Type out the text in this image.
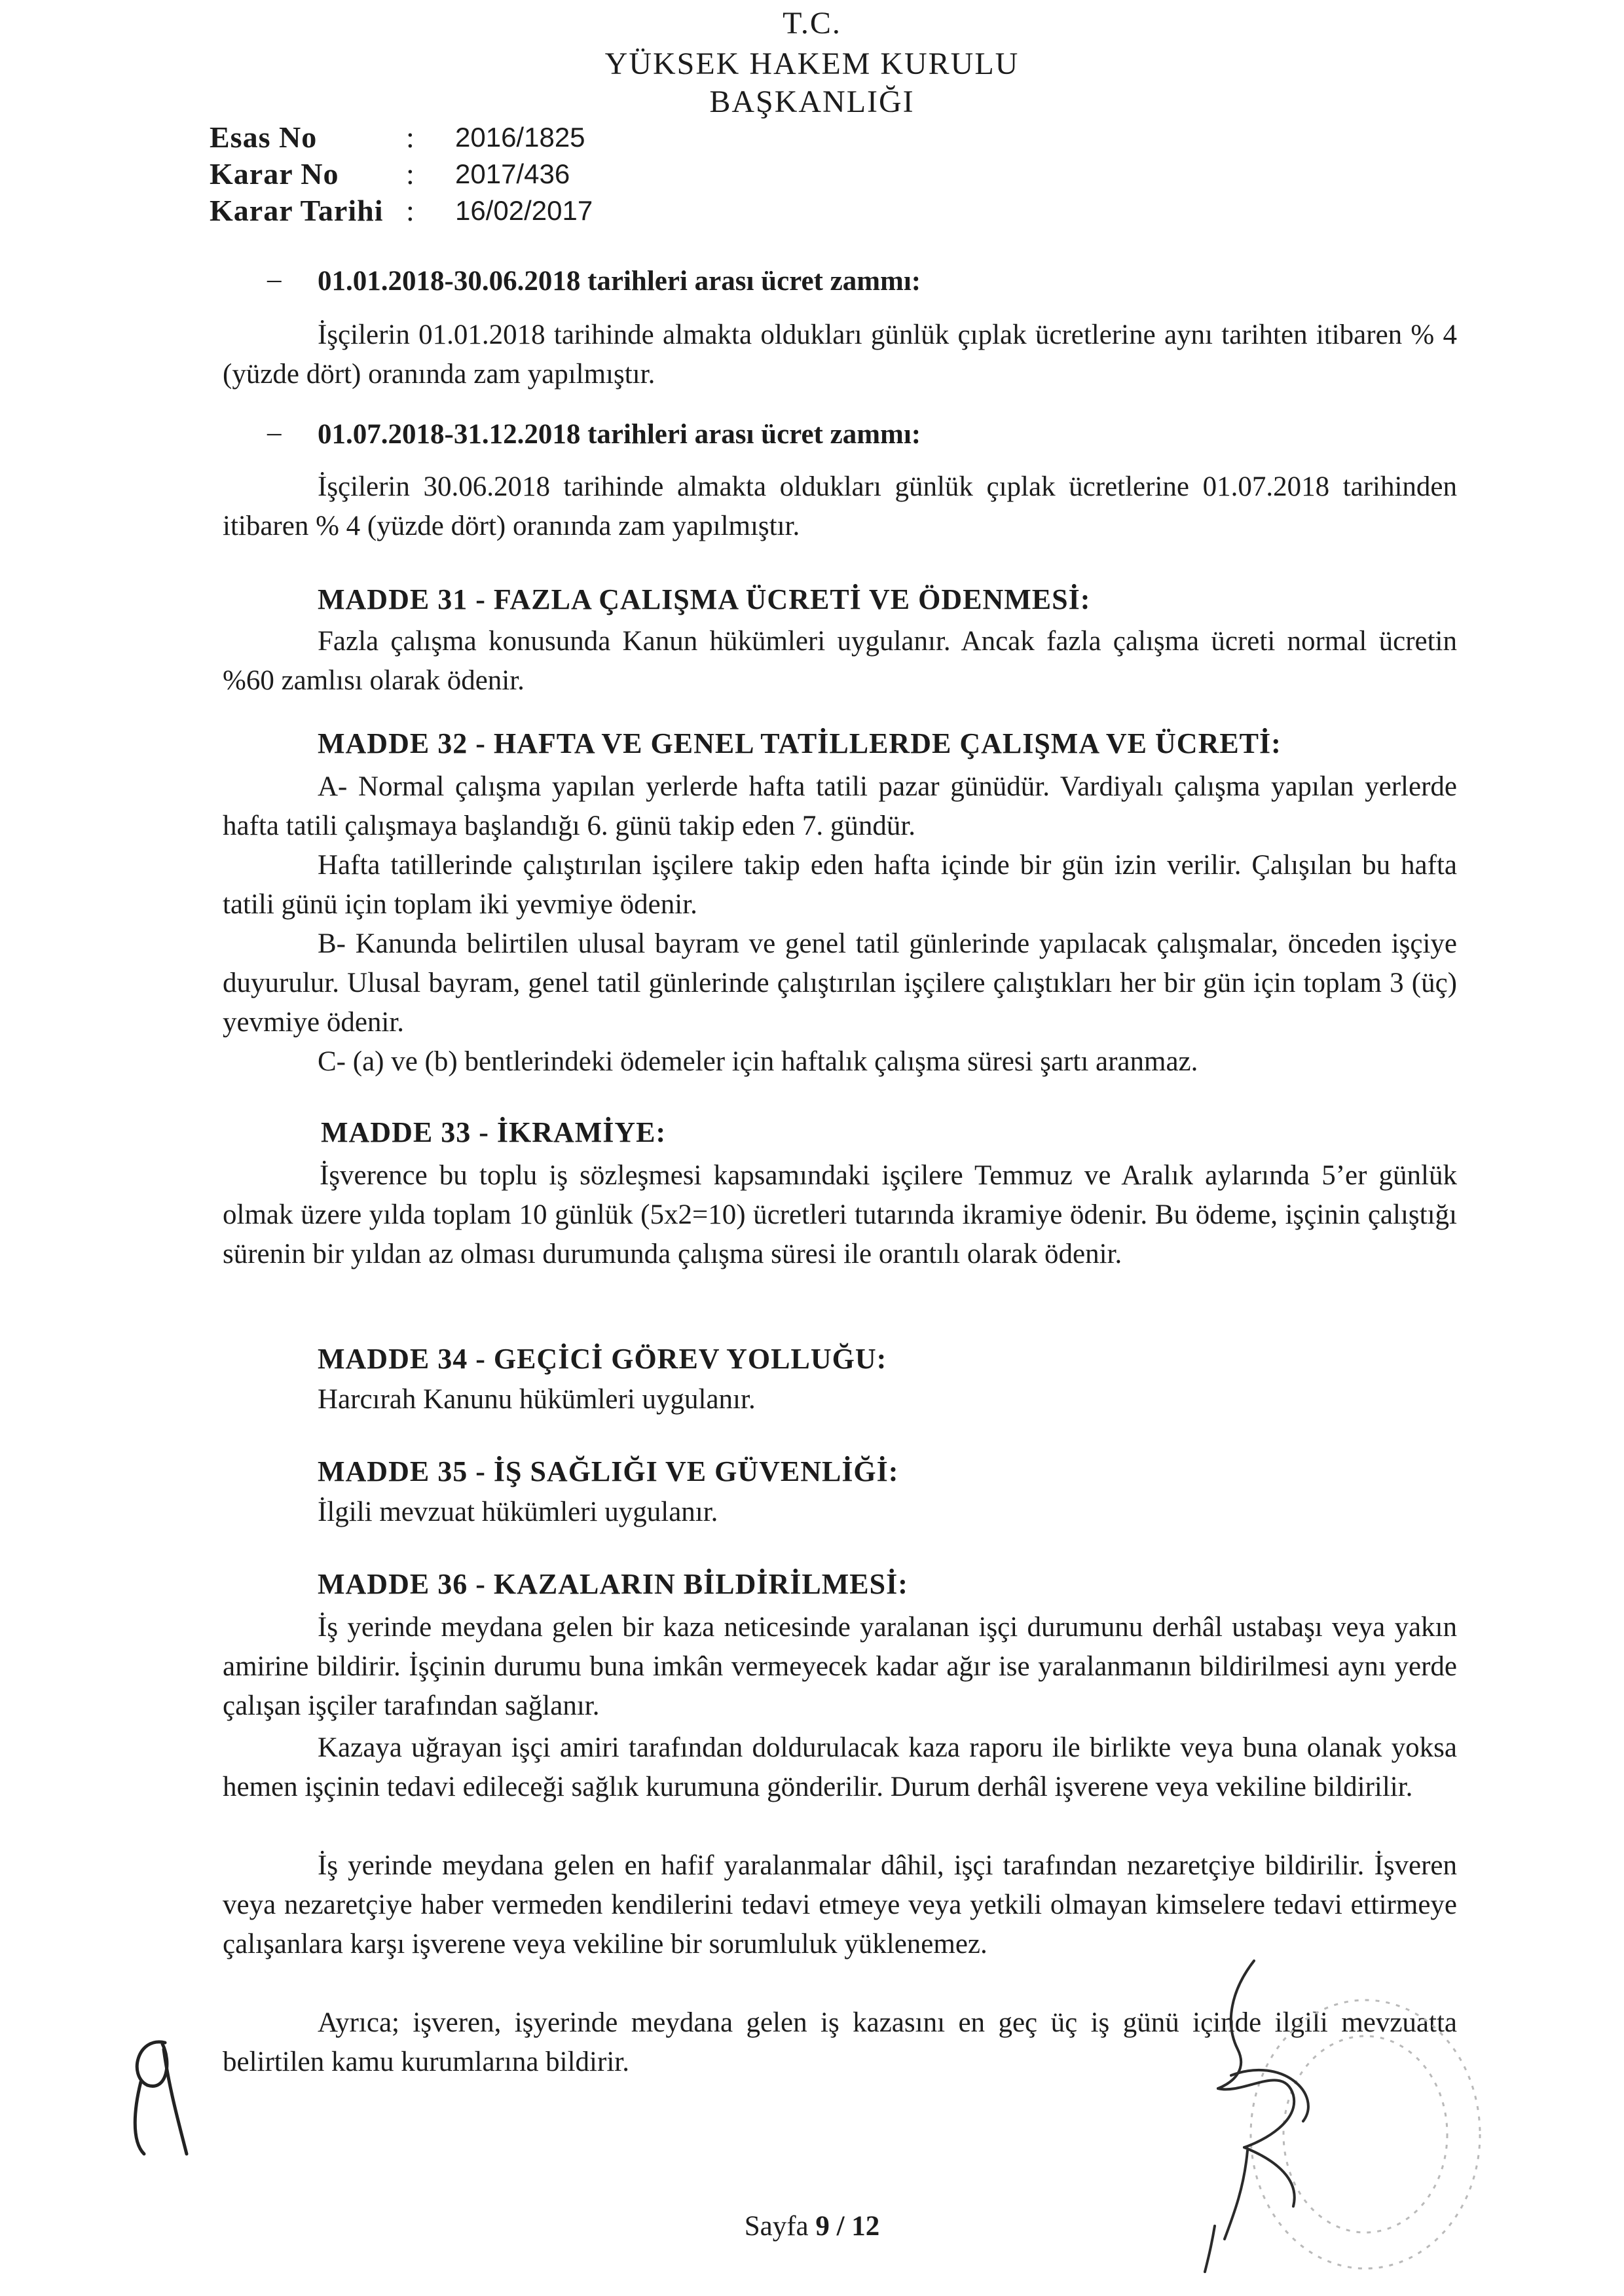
T.C.
YÜKSEK HAKEM KURULU
BAŞKANLIĞI
Esas No	:	2016/1825
Karar No	:	2017/436
Karar Tarihi :	16/02/2017
– 01.01.2018-30.06.2018 tarihleri arası ücret zammı:
İşçilerin 01.01.2018 tarihinde almakta oldukları günlük çıplak ücretlerine aynı tarihten itibaren % 4 (yüzde dört) oranında zam yapılmıştır.
– 01.07.2018-31.12.2018 tarihleri arası ücret zammı:
İşçilerin 30.06.2018 tarihinde almakta oldukları günlük çıplak ücretlerine 01.07.2018 tarihinden itibaren % 4 (yüzde dört) oranında zam yapılmıştır.
MADDE 31 - FAZLA ÇALIŞMA ÜCRETİ VE ÖDENMESİ:
Fazla çalışma konusunda Kanun hükümleri uygulanır. Ancak fazla çalışma ücreti normal ücretin %60 zamlısı olarak ödenir.
MADDE 32 - HAFTA VE GENEL TATİLLERDE ÇALIŞMA VE ÜCRETİ:
A- Normal çalışma yapılan yerlerde hafta tatili pazar günüdür. Vardiyalı çalışma yapılan yerlerde hafta tatili çalışmaya başlandığı 6. günü takip eden 7. gündür.
Hafta tatillerinde çalıştırılan işçilere takip eden hafta içinde bir gün izin verilir. Çalışılan bu hafta tatili günü için toplam iki yevmiye ödenir.
B- Kanunda belirtilen ulusal bayram ve genel tatil günlerinde yapılacak çalışmalar, önceden işçiye duyurulur. Ulusal bayram, genel tatil günlerinde çalıştırılan işçilere çalıştıkları her bir gün için toplam 3 (üç) yevmiye ödenir.
C- (a) ve (b) bentlerindeki ödemeler için haftalık çalışma süresi şartı aranmaz.
MADDE 33 - İKRAMİYE:
İşverence bu toplu iş sözleşmesi kapsamındaki işçilere Temmuz ve Aralık aylarında 5’er günlük olmak üzere yılda toplam 10 günlük (5x2=10) ücretleri tutarında ikramiye ödenir. Bu ödeme, işçinin çalıştığı sürenin bir yıldan az olması durumunda çalışma süresi ile orantılı olarak ödenir.
MADDE 34 - GEÇİCİ GÖREV YOLLUĞU:
Harcırah Kanunu hükümleri uygulanır.
MADDE 35 - İŞ SAĞLIĞI VE GÜVENLİĞİ:
İlgili mevzuat hükümleri uygulanır.
MADDE 36 - KAZALARIN BİLDİRİLMESİ:
İş yerinde meydana gelen bir kaza neticesinde yaralanan işçi durumunu derhâl ustabaşı veya yakın amirine bildirir. İşçinin durumu buna imkân vermeyecek kadar ağır ise yaralanmanın bildirilmesi aynı yerde çalışan işçiler tarafından sağlanır.
Kazaya uğrayan işçi amiri tarafından doldurulacak kaza raporu ile birlikte veya buna olanak yoksa hemen işçinin tedavi edileceği sağlık kurumuna gönderilir. Durum derhâl işverene veya vekiline bildirilir.
İş yerinde meydana gelen en hafif yaralanmalar dâhil, işçi tarafından nezaretçiye bildirilir. İşveren veya nezaretçiye haber vermeden kendilerini tedavi etmeye veya yetkili olmayan kimselere tedavi ettirmeye çalışanlara karşı işverene veya vekiline bir sorumluluk yüklenemez.
Ayrıca; işveren, işyerinde meydana gelen iş kazasını en geç üç iş günü içinde ilgili mevzuatta belirtilen kamu kurumlarına bildirir.
Sayfa 9 / 12
